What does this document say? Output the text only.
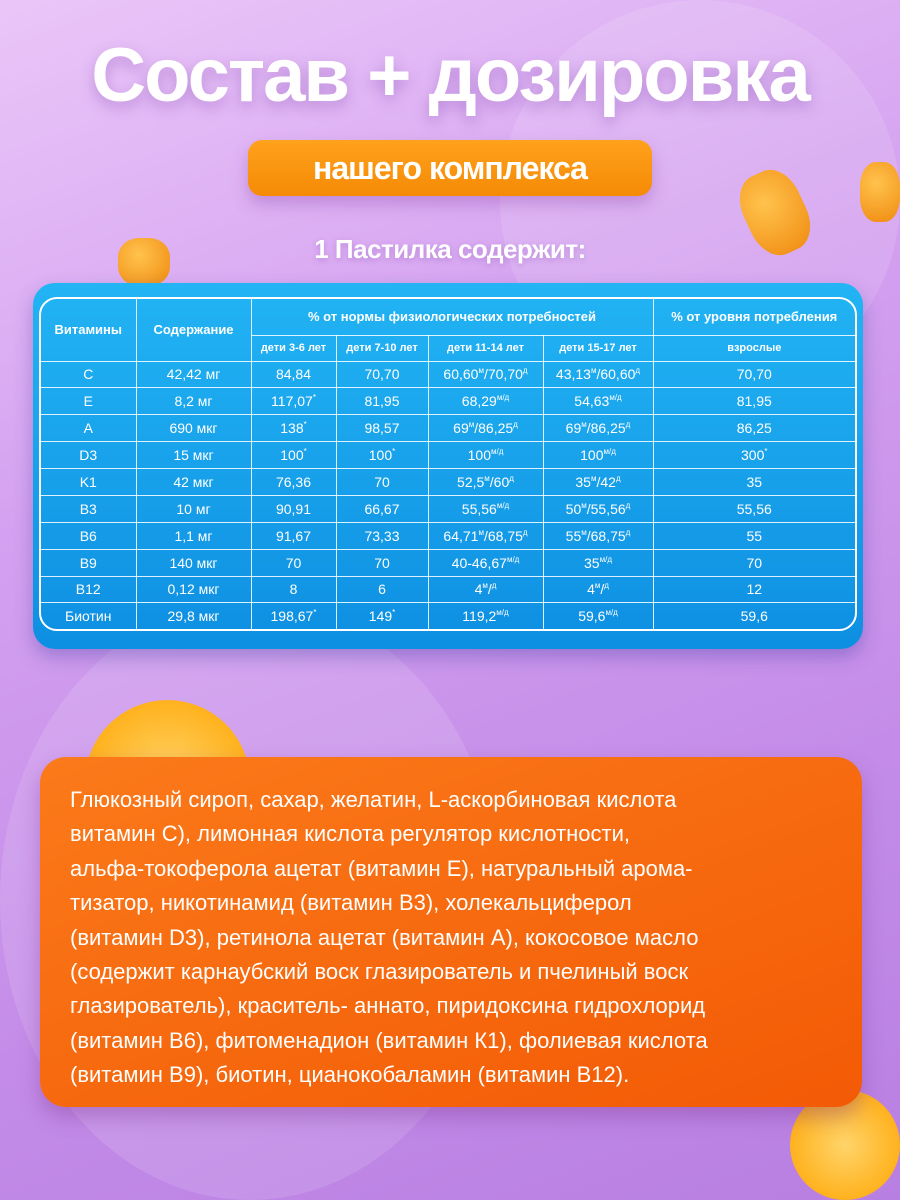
Состав + дозировка
нашего комплекса
1 Пастилка содержит:
Витамины	Содержание	% от нормы физиологических потребностей				% от уровня потребления
		дети 3-6 лет	дети 7-10 лет	дети 11-14 лет	дети 15-17 лет	взрослые
C	42,42 мг	84,84	70,70	$60,60^м/70,70^д$	$43,13^м/60,60^д$	70,70
E	8,2 мг	117,07*	81,95	$68,29^{м/д}$	$54,63^{м/д}$	81,95
A	690 мкг	138*	98,57	$69^м/86,25^д$	$69^м/86,25^д$	86,25
D3	15 мкг	100*	100*	$100^{м/д}$	$100^{м/д}$	300*
K1	42 мкг	76,36	70	$52,5^м/60^д$	$35^м/42^д$	35
B3	10 мг	90,91	66,67	$55,56^{м/д}$	$50^м/55,56^д$	55,56
B6	1,1 мг	91,67	73,33	$64,71^м/68,75^д$	$55^м/68,75^д$	55
B9	140 мкг	70	70	$40-46,67^{м/д}$	$35^{м/д}$	70
B12	0,12 мкг	8	6	$4^м/^д$	$4^м/^д$	12
Биотин	29,8 мкг	198,67*	149*	$119,2^{м/д}$	$59,6^{м/д}$	59,6
Глюкозный сироп, сахар, желатин, L-аскорбиновая кислота
витамин С), лимонная кислота регулятор кислотности,
альфа-токоферола ацетат (витамин Е), натуральный арома-
тизатор, никотинамид (витамин В3), холекальциферол
(витамин D3), ретинола ацетат (витамин А), кокосовое масло
(содержит карнаубский воск глазирователь и пчелиный воск
глазирователь), краситель- аннато, пиридоксина гидрохлорид
(витамин В6), фитоменадион (витамин К1), фолиевая кислота
(витамин В9), биотин, цианокобаламин (витамин В12).
